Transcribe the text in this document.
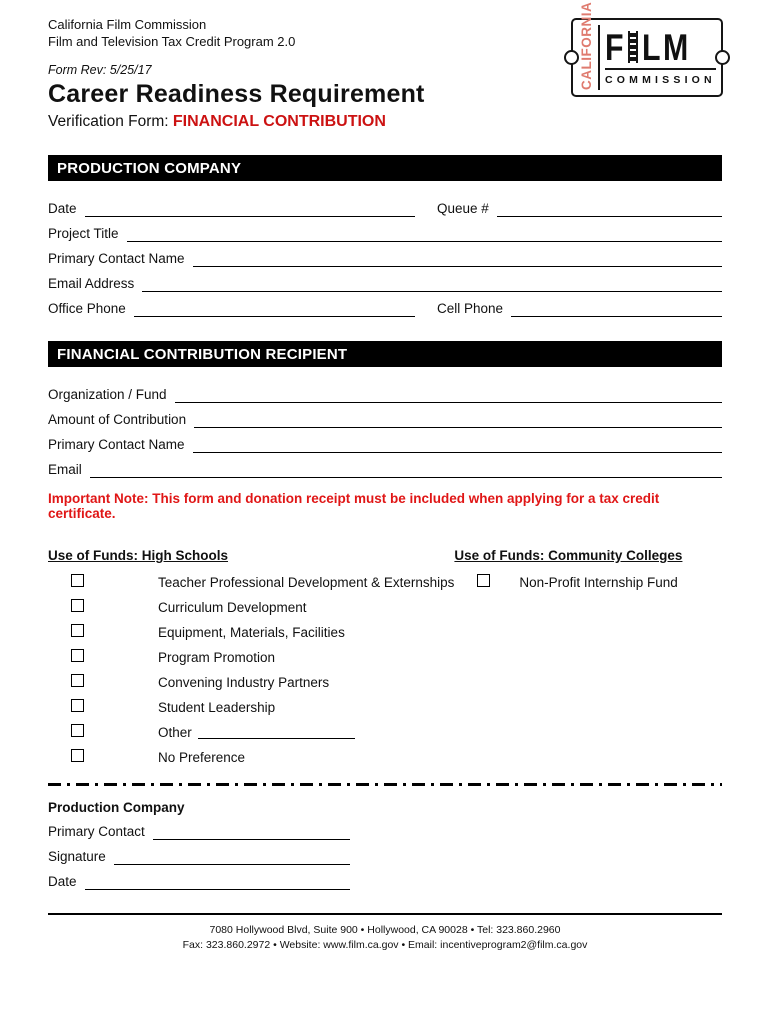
California Film Commission
Film and Television Tax Credit Program 2.0
Form Rev: 5/25/17
Career Readiness Requirement
Verification Form: FINANCIAL CONTRIBUTION
CALIFORNIA F L M
COMMISSION
PRODUCTION COMPANY
Date	Queue #
Project Title
Primary Contact Name
Email Address
Office Phone	Cell Phone
FINANCIAL CONTRIBUTION RECIPIENT
Organization / Fund
Amount of Contribution
Primary Contact Name
Email
Important Note: This form and donation receipt must be included when applying for a tax credit certificate.
Use of Funds: High Schools
Teacher Professional Development & Externships
Curriculum Development
Equipment, Materials, Facilities
Program Promotion
Convening Industry Partners
Student Leadership
Other
No Preference
Use of Funds: Community Colleges
Non-Profit Internship Fund
Production Company
Primary Contact
Signature
Date
7080 Hollywood Blvd, Suite 900 • Hollywood, CA 90028 • Tel: 323.860.2960
Fax: 323.860.2972 • Website: www.film.ca.gov • Email: incentiveprogram2@film.ca.gov
